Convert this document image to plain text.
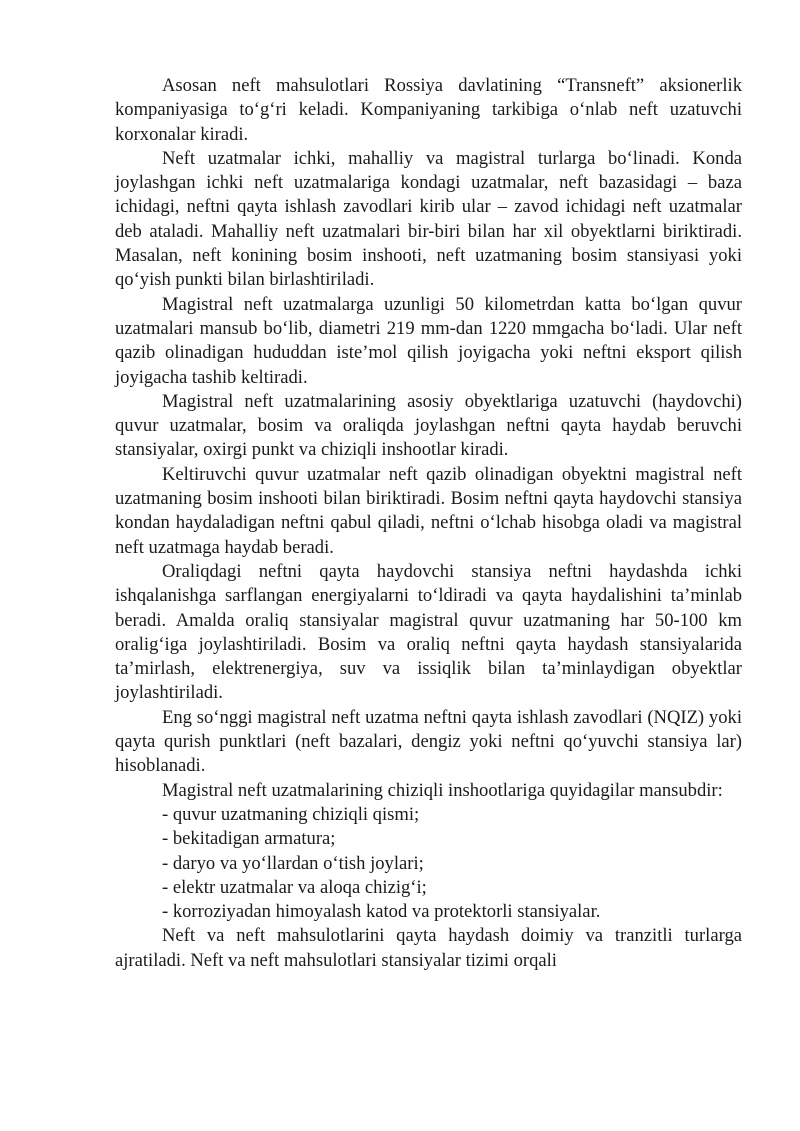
Asosan neft mahsulotlari Rossiya davlatining “Transneft” aksionerlik kompaniyasiga to‘g‘ri keladi. Kompaniyaning tarkibiga o‘nlab neft uzatuvchi korxonalar kiradi.

Neft uzatmalar ichki, mahalliy va magistral turlarga bo‘linadi. Konda joylashgan ichki neft uzatmalariga kondagi uzatmalar, neft bazasidagi – baza ichidagi, neftni qayta ishlash zavodlari kirib ular – zavod ichidagi neft uzatmalar deb ataladi. Mahalliy neft uzatmalari bir-biri bilan har xil obyektlarni biriktiradi. Masalan, neft konining bosim inshooti, neft uzatmaning bosim stansiyasi yoki qo‘yish punkti bilan birlashtiriladi.

Magistral neft uzatmalarga uzunligi 50 kilometrdan katta bo‘lgan quvur uzatmalari mansub bo‘lib, diametri 219 mm-dan 1220 mmgacha bo‘ladi. Ular neft qazib olinadigan hududdan iste’mol qilish joyigacha yoki neftni eksport qilish joyigacha tashib keltiradi.

Magistral neft uzatmalarining asosiy obyektlariga uzatuvchi (haydovchi) quvur uzatmalar, bosim va oraliqda joylashgan neftni qayta haydab beruvchi stansiyalar, oxirgi punkt va chiziqli inshootlar kiradi.

Keltiruvchi quvur uzatmalar neft qazib olinadigan obyektni magistral neft uzatmaning bosim inshooti bilan biriktiradi. Bosim neftni qayta haydovchi stansiya kondan haydaladigan neftni qabul qiladi, neftni o‘lchab hisobga oladi va magistral neft uzatmaga haydab beradi.

Oraliqdagi neftni qayta haydovchi stansiya neftni haydashda ichki ishqalanishga sarflangan energiyalarni to‘ldiradi va qayta haydalishini ta’minlab beradi. Amalda oraliq stansiyalar magistral quvur uzatmaning har 50-100 km oralig‘iga joylashtiriladi. Bosim va oraliq neftni qayta haydash stansiyalarida ta’mirlash, elektrenergiya, suv va issiqlik bilan ta’minlaydigan obyektlar joylashtiriladi.

Eng so‘nggi magistral neft uzatma neftni qayta ishlash zavodlari (NQIZ) yoki qayta qurish punktlari (neft bazalari, dengiz yoki neftni qo‘yuvchi stansiya lar) hisoblanadi.

Magistral neft uzatmalarining chiziqli inshootlariga quyidagilar mansubdir:

- quvur uzatmaning chiziqli qismi;
- bekitadigan armatura;
- daryo va yo‘llardan o‘tish joylari;
- elektr uzatmalar va aloqa chizig‘i;
- korroziyadan himoyalash katod va protektorli stansiyalar.

Neft va neft mahsulotlarini qayta haydash doimiy va tranzitli turlarga ajratiladi. Neft va neft mahsulotlari stansiyalar tizimi orqali
